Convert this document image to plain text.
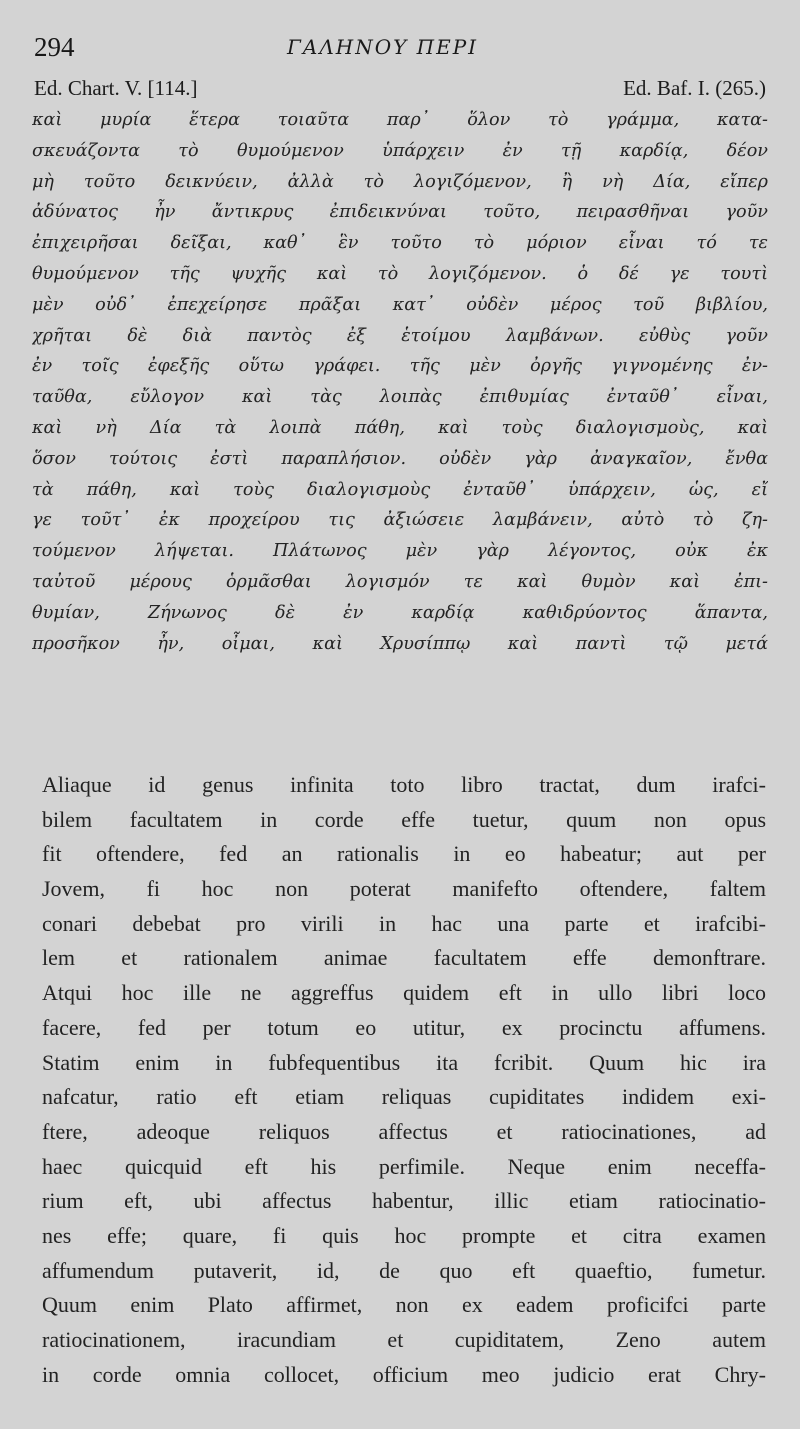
294	ΓΑΛΗΝΟΥ ΠΕΡΙ
Ed. Chart. V. [114.]	Ed. Baf. I. (265.)
καὶ μυρία ἕτερα τοιαῦτα παρ᾽ ὅλον τὸ γράμμα, κατα-
σκευάζοντα τὸ θυμούμενον ὑπάρχειν ἐν τῇ καρδίᾳ, δέον
μὴ τοῦτο δεικνύειν, ἀλλὰ τὸ λογιζόμενον, ἢ νὴ Δία, εἴπερ
ἀδύνατος ἦν ἄντικρυς ἐπιδεικνύναι τοῦτο, πειρασθῆναι γοῦν
ἐπιχειρῆσαι δεῖξαι, καθ᾽ ἓν τοῦτο τὸ μόριον εἶναι τό τε
θυμούμενον τῆς ψυχῆς καὶ τὸ λογιζόμενον. ὁ δέ γε τουτὶ
μὲν οὐδ᾽ ἐπεχείρησε πρᾶξαι κατ᾽ οὐδὲν μέρος τοῦ βιβλίου,
χρῆται δὲ διὰ παντὸς ἐξ ἑτοίμου λαμβάνων. εὐθὺς γοῦν
ἐν τοῖς ἐφεξῆς οὕτω γράφει. τῆς μὲν ὀργῆς γιγνομένης ἐν-
ταῦθα, εὔλογον καὶ τὰς λοιπὰς ἐπιθυμίας ἐνταῦθ᾽ εἶναι,
καὶ νὴ Δία τὰ λοιπὰ πάθη, καὶ τοὺς διαλογισμοὺς, καὶ
ὅσον τούτοις ἐστὶ παραπλήσιον. οὐδὲν γὰρ ἀναγκαῖον, ἔνθα
τὰ πάθη, καὶ τοὺς διαλογισμοὺς ἐνταῦθ᾽ ὑπάρχειν, ὡς, εἴ
γε τοῦτ᾽ ἐκ προχείρου τις ἀξιώσειε λαμβάνειν, αὐτὸ τὸ ζη-
τούμενον λήψεται. Πλάτωνος μὲν γὰρ λέγοντος, οὐκ ἐκ
ταὐτοῦ μέρους ὁρμᾶσθαι λογισμόν τε καὶ θυμὸν καὶ ἐπι-
θυμίαν, Ζήνωνος δὲ ἐν καρδίᾳ καθιδρύοντος ἅπαντα,
προσῆκον ἦν, οἶμαι, καὶ Χρυσίππῳ καὶ παντὶ τῷ μετά
Aliaque id genus infinita toto libro tractat, dum irafci-
bilem facultatem in corde effe tuetur, quum non opus
fit oftendere, fed an rationalis in eo habeatur; aut per
Jovem, fi hoc non poterat manifefto oftendere, faltem
conari debebat pro virili in hac una parte et irafcibi-
lem et rationalem animae facultatem effe demonftrare.
Atqui hoc ille ne aggreffus quidem eft in ullo libri loco
facere, fed per totum eo utitur, ex procinctu affumens.
Statim enim in fubfequentibus ita fcribit. Quum hic ira
nafcatur, ratio eft etiam reliquas cupiditates indidem exi-
ftere, adeoque reliquos affectus et ratiocinationes, ad
haec quicquid eft his perfimile. Neque enim neceffa-
rium eft, ubi affectus habentur, illic etiam ratiocinatio-
nes effe; quare, fi quis hoc prompte et citra examen
affumendum putaverit, id, de quo eft quaeftio, fumetur.
Quum enim Plato affirmet, non ex eadem proficifci parte
ratiocinationem, iracundiam et cupiditatem, Zeno autem
in corde omnia collocet, officium meo judicio erat Chry-
